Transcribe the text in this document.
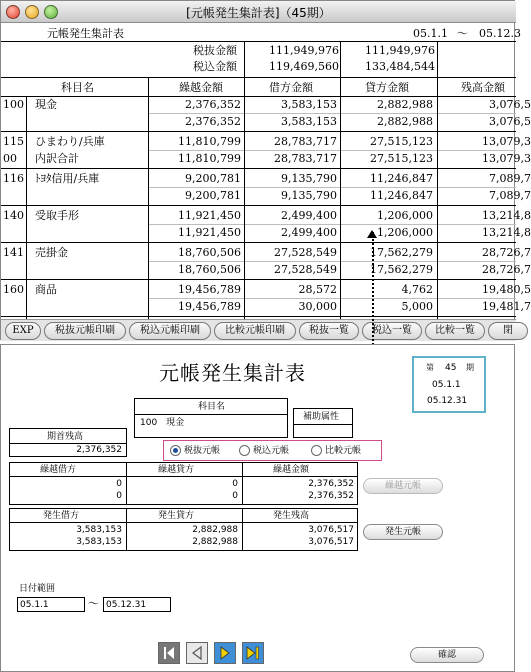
[元帳発生集計表]（45期）
元帳発生集計表	05.1.1 〜 05.12.3
税抜金額	111,949,976	111,949,976
税込金額	119,469,560	133,484,544
科目名	繰越金額	借方金額	貸方金額	残高金額
100 現金	2,376,352	3,583,153	2,882,988	3,076,5
2,376,352	3,583,153	2,882,988	3,076,5
115 ひまわり/兵庫
00 内訳合計
11,810,799	28,783,717	27,515,123	13,079,3
11,810,799	28,783,717	27,515,123	13,079,3
116 ﾄﾖﾀ信用/兵庫	9,200,781	9,135,790	11,246,847	7,089,7
9,200,781	9,135,790	11,246,847	7,089,7
140 受取手形	11,921,450	2,499,400	1,206,000	13,214,8
11,921,450	2,499,400	1,206,000	13,214,8
141 売掛金	18,760,506	27,528,549	17,562,279	28,726,7
18,760,506	27,528,549	17,562,279	28,726,7
160 商品	19,456,789	28,572	4,762	19,480,5
19,456,789	30,000	5,000	19,481,7
EXP	税抜元帳印刷	税込元帳印刷	比較元帳印刷	税抜一覧	税込一覧	比較一覧	閉
元帳発生集計表	第 45 期
05.1.1
05.12.31
科目名
100　現金
補助属性
期首残高
2,376,352	税抜元帳	税込元帳	比較元帳
繰越借方	繰越貸方	繰越金額
0	0	2,376,352
0	0	2,376,352
繰越元帳
発生借方	発生貸方	発生残高
3,583,153	2,882,988	3,076,517
3,583,153	2,882,988	3,076,517
発生元帳
日付範囲
05.1.1	〜 05.12.31
確認
